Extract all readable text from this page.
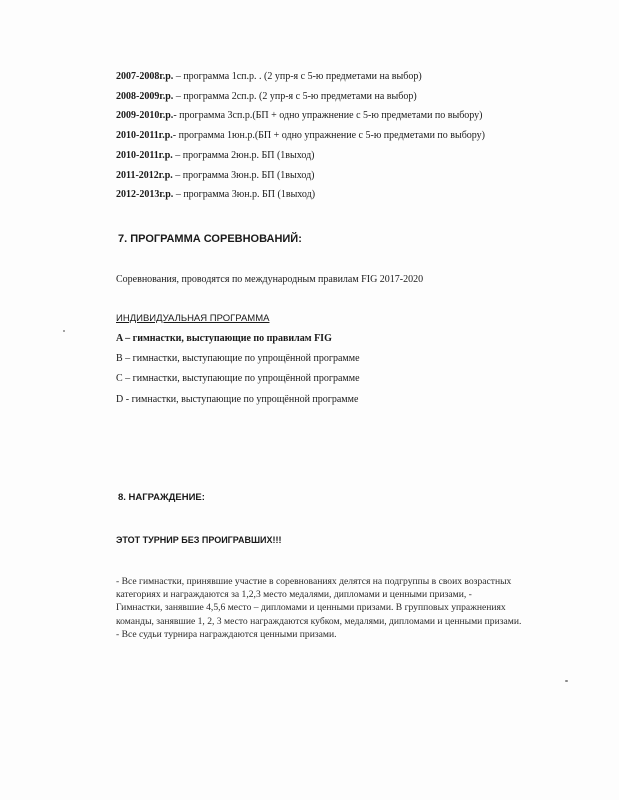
2007-2008г.р. – программа 1сп.р. . (2 упр-я с 5-ю предметами на выбор)
2008-2009г.р. – программа 2сп.р. (2 упр-я с 5-ю предметами на выбор)
2009-2010г.р.- программа 3сп.р.(БП + одно упражнение с 5-ю предметами по выбору)
2010-2011г.р.- программа 1юн.р.(БП + одно упражнение с 5-ю предметами по выбору)
2010-2011г.р. – программа 2юн.р. БП (1выход)
2011-2012г.р. – программа 3юн.р. БП (1выход)
2012-2013г.р. – программа 3юн.р. БП (1выход)
7. ПРОГРАММА СОРЕВНОВАНИЙ:
Соревнования, проводятся по международным правилам FIG 2017-2020
ИНДИВИДУАЛЬНАЯ ПРОГРАММА
A – гимнастки, выступающие по правилам FIG
B – гимнастки, выступающие по упрощённой программе
C – гимнастки, выступающие по упрощённой программе
D - гимнастки, выступающие по упрощённой программе
8. НАГРАЖДЕНИЕ:
ЭТОТ ТУРНИР БЕЗ ПРОИГРАВШИХ!!!
- Все гимнастки, принявшие участие в соревнованиях делятся на подгруппы в своих возрастных
категориях и награждаются за 1,2,3 место медалями, дипломами и ценными призами, -
Гимнастки, занявшие 4,5,6 место – дипломами и ценными призами. В групповых упражнениях
команды, занявшие 1, 2, 3 место награждаются кубком, медалями, дипломами и ценными призами.
- Все судьи турнира награждаются ценными призами.
